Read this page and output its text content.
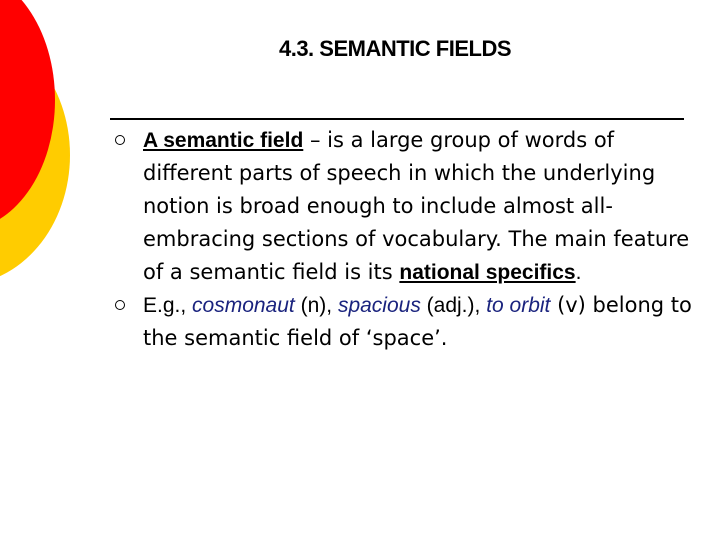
4.3. SEMANTIC FIELDS
A semantic field – is a large group of words of different parts of speech in which the underlying notion is broad enough to include almost all-embracing sections of vocabulary. The main feature of a semantic field is its national specifics.
E.g., cosmonaut (n), spacious (adj.), to orbit (v) belong to the semantic field of ‘space’.
